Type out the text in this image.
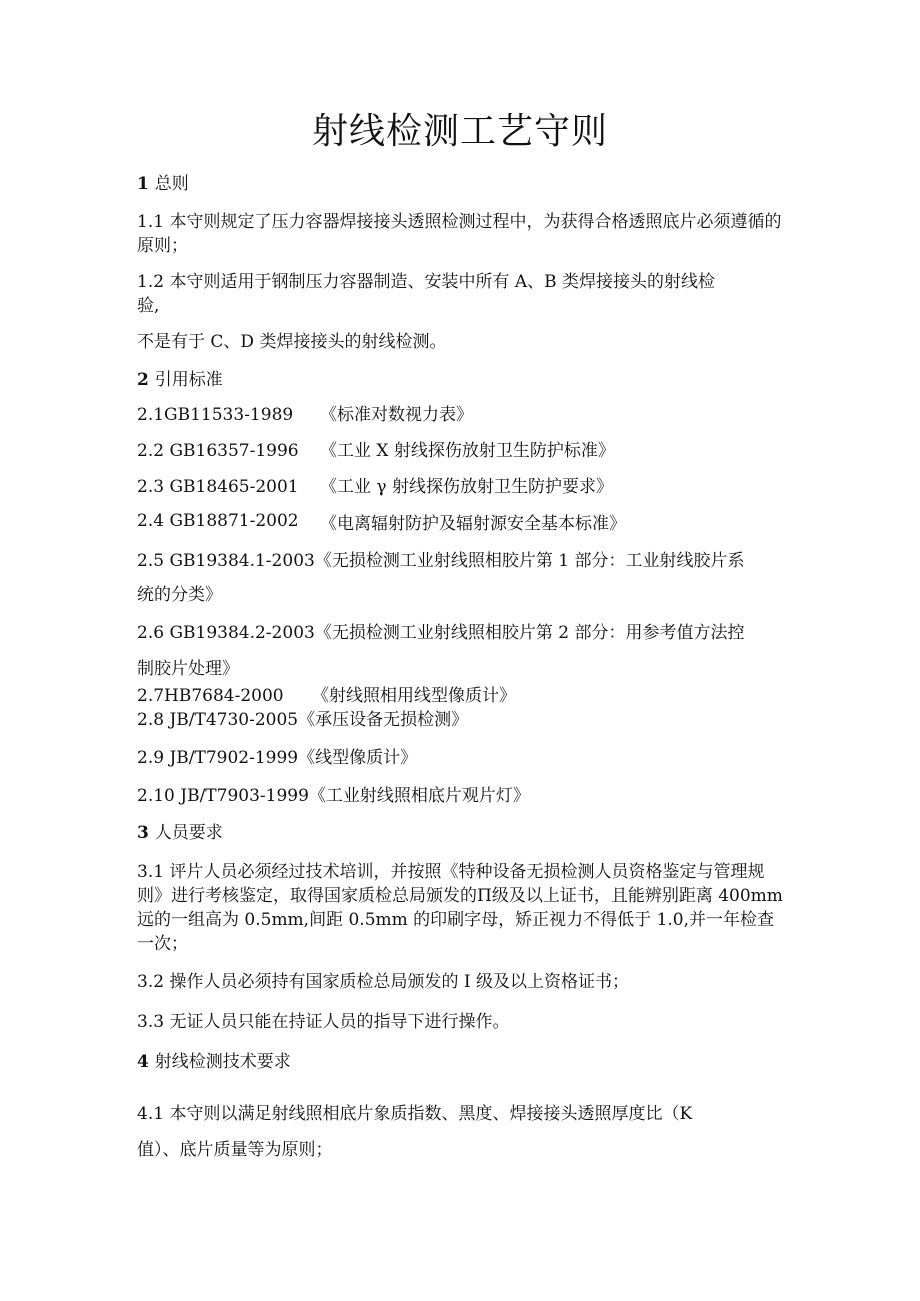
射线检测工艺守则
1 总则
1.1 本守则规定了压力容器焊接接头透照检测过程中，为获得合格透照底片必须遵循的原则；
1.2 本守则适用于钢制压力容器制造、安装中所有 A、B 类焊接接头的射线检
验,
不是有于 C、D 类焊接接头的射线检测。
2 引用标准
2.1GB11533-1989 《标准对数视力表》
2.2 GB16357-1996 《工业 X 射线探伤放射卫生防护标准》
2.3 GB18465-2001 《工业 γ 射线探伤放射卫生防护要求》
2.4 GB18871-2002 《电离辐射防护及辐射源安全基本标准》
2.5 GB19384.1-2003《无损检测工业射线照相胶片第 1 部分：工业射线胶片系
统的分类》
2.6 GB19384.2-2003《无损检测工业射线照相胶片第 2 部分：用参考值方法控
制胶片处理》
2.7HB7684-2000 《射线照相用线型像质计》
2.8 JB/T4730-2005《承压设备无损检测》
2.9 JB/T7902-1999《线型像质计》
2.10 JB/T7903-1999《工业射线照相底片观片灯》
3 人员要求
3.1 评片人员必须经过技术培训，并按照《特种设备无损检测人员资格鉴定与管理规则》进行考核鉴定，取得国家质检总局颁发的Π级及以上证书，且能辨别距离 400mm 远的一组高为 0.5mm,间距 0.5mm 的印刷字母，矫正视力不得低于 1.0,并一年检查一次；
3.2 操作人员必须持有国家质检总局颁发的 I 级及以上资格证书；
3.3 无证人员只能在持证人员的指导下进行操作。
4 射线检测技术要求
4.1 本守则以满足射线照相底片象质指数、黑度、焊接接头透照厚度比（K
值）、底片质量等为原则；
